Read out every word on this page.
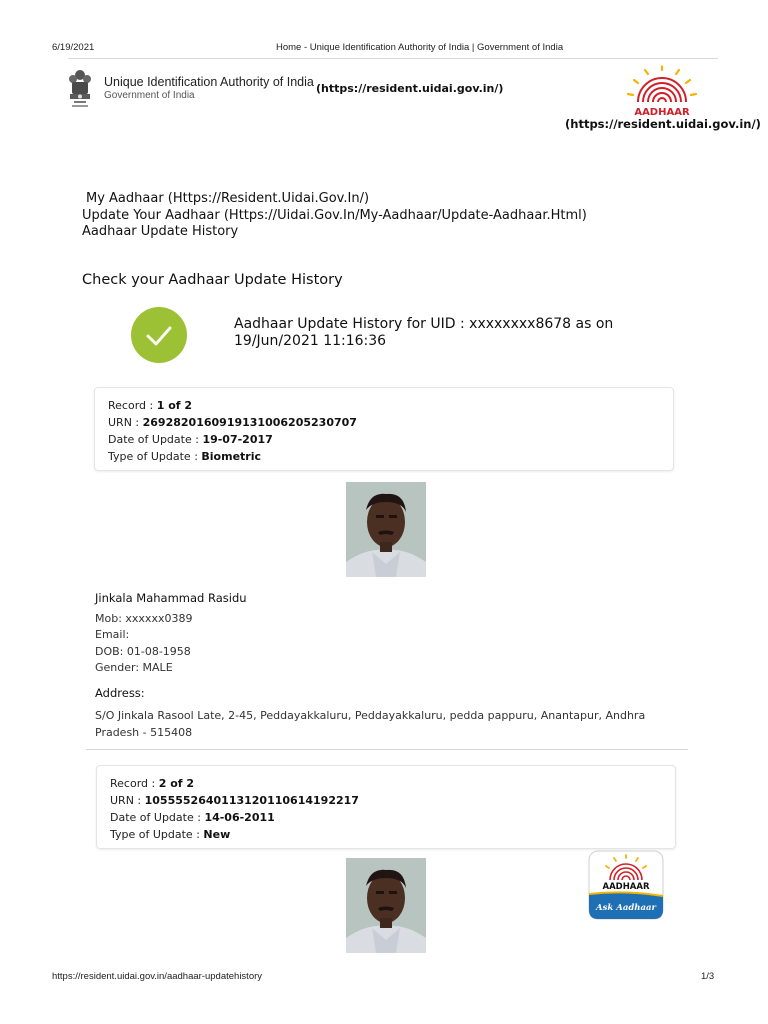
6/19/2021	Home - Unique Identification Authority of India | Government of India
Unique Identification Authority of India
Government of India
(https://resident.uidai.gov.in/)
AADHAAR
(https://resident.uidai.gov.in/)
My Aadhaar (Https://Resident.Uidai.Gov.In/)
Update Your Aadhaar (Https://Uidai.Gov.In/My-Aadhaar/Update-Aadhaar.Html)
Aadhaar Update History
Check your Aadhaar Update History
Aadhaar Update History for UID : xxxxxxxx8678 as on 19/Jun/2021 11:16:36
Record : 1 of 2
URN : 269282016091913100620523070​7
Date of Update : 19-07-2017
Type of Update : Biometric
Jinkala Mahammad Rasidu
Mob: xxxxxx0389
Email:
DOB: 01-08-1958
Gender: MALE
Address:
S/O Jinkala Rasool Late, 2-45, Peddayakkaluru, Peddayakkaluru, pedda pappuru, Anantapur, Andhra Pradesh - 515408
Record : 2 of 2
URN : 1055552640113120110614192217
Date of Update : 14-06-2011
Type of Update : New
AADHAAR
Ask Aadhaar
https://resident.uidai.gov.in/aadhaar-updatehistory	1/3
